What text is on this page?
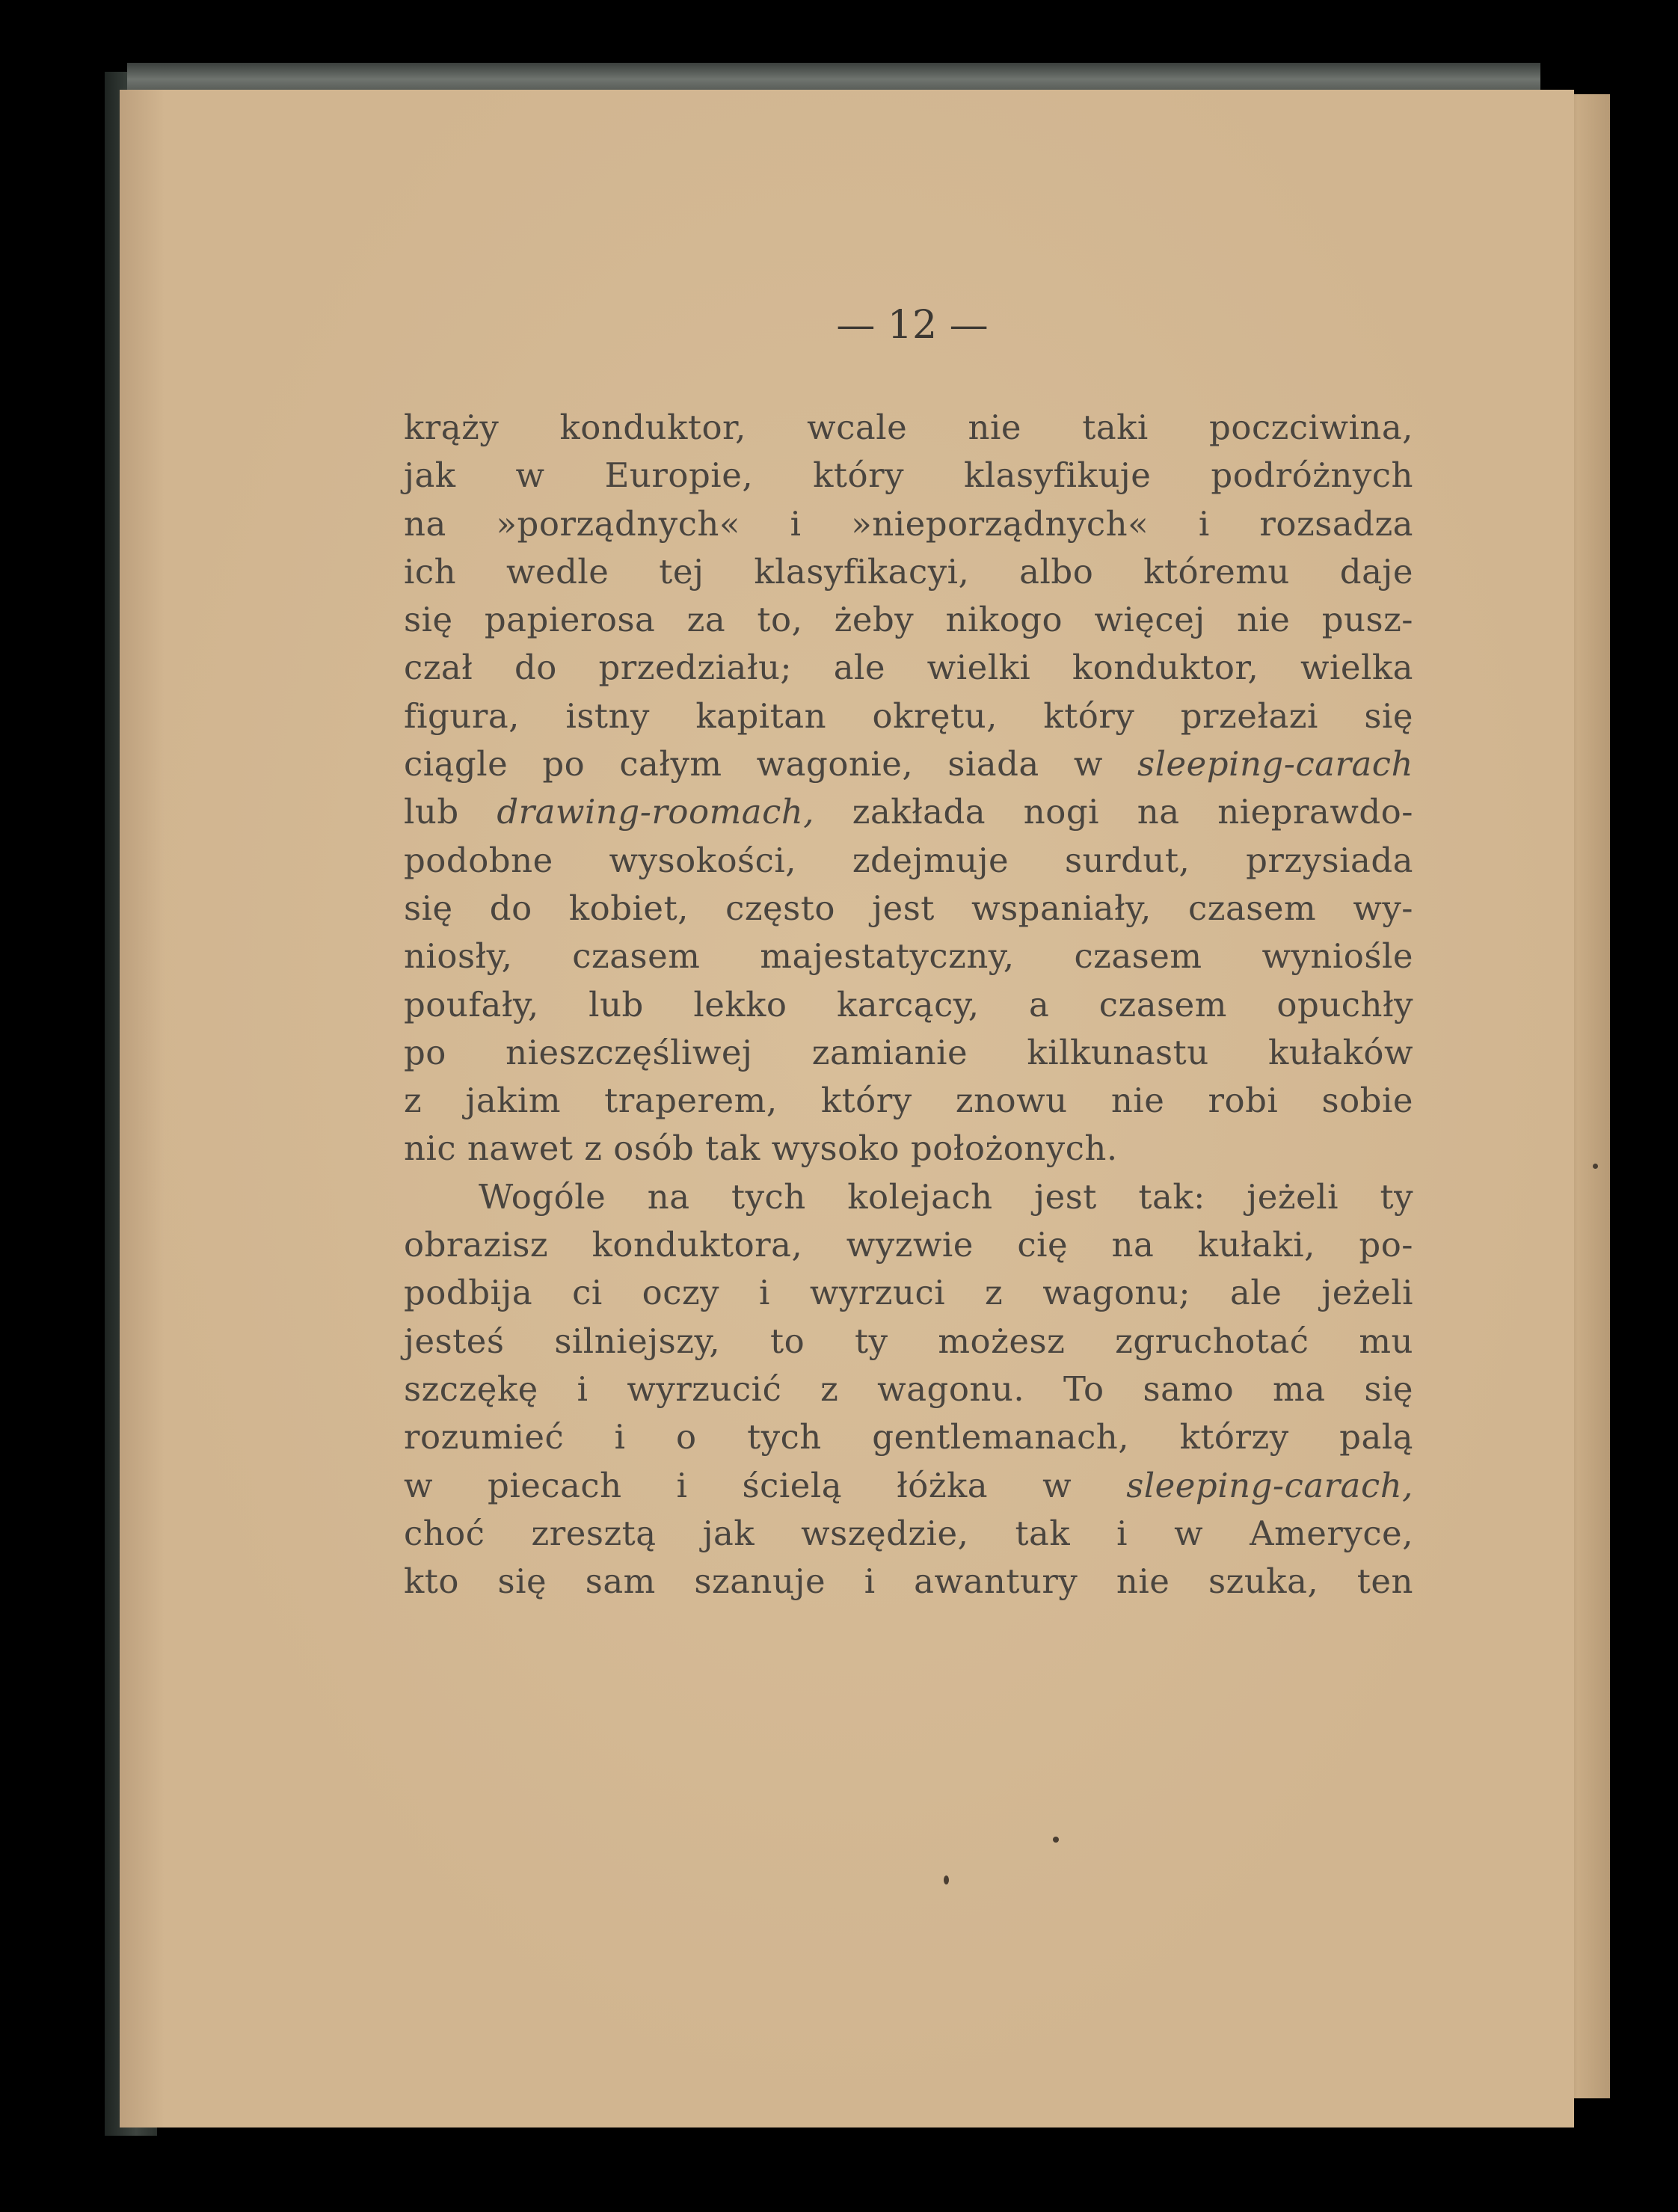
— 12 —
krąży konduktor, wcale nie taki poczciwina,
jak w Europie, który klasyfikuje podróżnych
na »porządnych« i »nieporządnych« i rozsadza
ich wedle tej klasyfikacyi, albo któremu daje
się papierosa za to, żeby nikogo więcej nie pusz-
czał do przedziału; ale wielki konduktor, wielka
figura, istny kapitan okrętu, który przełazi się
ciągle po całym wagonie, siada w sleeping-carach
lub drawing-roomach, zakłada nogi na nieprawdo-
podobne wysokości, zdejmuje surdut, przysiada
się do kobiet, często jest wspaniały, czasem wy-
niosły, czasem majestatyczny, czasem wyniośle
poufały, lub lekko karcący, a czasem opuchły
po nieszczęśliwej zamianie kilkunastu kułaków
z jakim traperem, który znowu nie robi sobie
nic nawet z osób tak wysoko położonych.
Wogóle na tych kolejach jest tak: jeżeli ty
obrazisz konduktora, wyzwie cię na kułaki, po-
podbija ci oczy i wyrzuci z wagonu; ale jeżeli
jesteś silniejszy, to ty możesz zgruchotać mu
szczękę i wyrzucić z wagonu. To samo ma się
rozumieć i o tych gentlemanach, którzy palą
w piecach i ścielą łóżka w sleeping-carach,
choć zresztą jak wszędzie, tak i w Ameryce,
kto się sam szanuje i awantury nie szuka, ten
